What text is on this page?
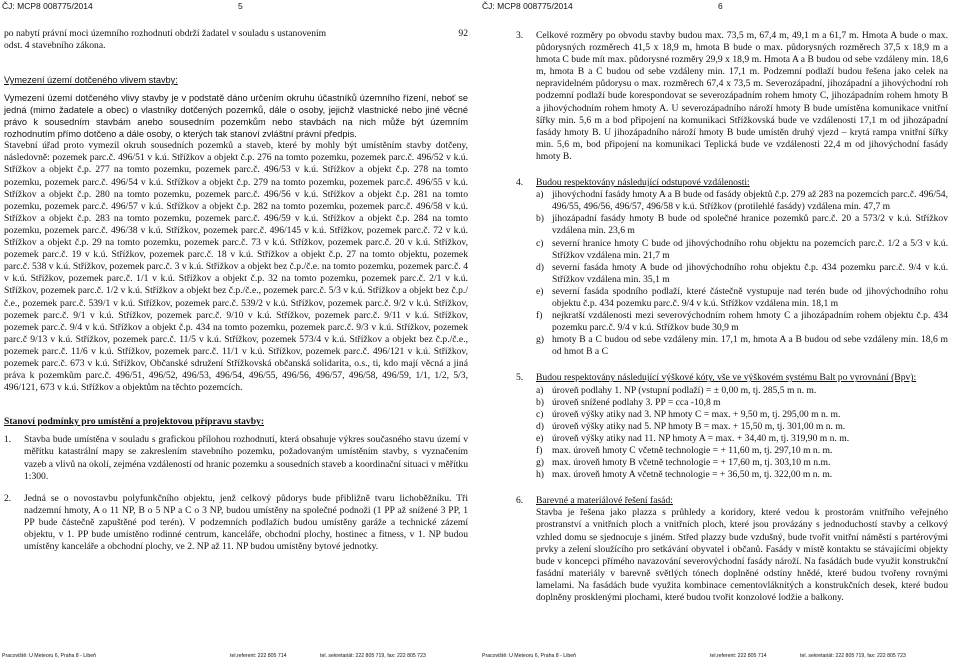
ČJ: MCP8 008775/2014	5

po nabytí právní moci územního rozhodnutí obdrží žadatel v souladu s ustanovením	92

odst. 4 stavebního zákona.

Vymezení území dotčeného vlivem stavby:

Vymezení území dotčeného vlivy stavby je v podstatě dáno určením okruhu účastníků územního řízení, neboť se jedná (mimo žadatele a obec) o vlastníky dotčených pozemků, dále o osoby, jejichž vlastnické nebo jiné věcné právo k sousedním stavbám anebo sousedním pozemkům nebo stavbách na nich může být územním rozhodnutím přímo dotčeno a dále osoby, o kterých tak stanoví zvláštní právní předpis.

Stavební úřad proto vymezil okruh sousedních pozemků a staveb, které by mohly být umístěním stavby dotčeny, následovně: pozemek parc.č. 496/51 v k.ú. Střížkov a objekt č.p. 276 na tomto pozemku, pozemek parc.č. 496/52 v k.ú. Střížkov a objekt č.p. 277 na tomto pozemku, pozemek parc.č. 496/53 v k.ú. Střížkov a objekt č.p. 278 na tomto pozemku, pozemek parc.č. 496/54 v k.ú. Střížkov a objekt č.p. 279 na tomto pozemku, pozemek parc.č. 496/55 v k.ú. Střížkov a objekt č.p. 280 na tomto pozemku, pozemek parc.č. 496/56 v k.ú. Střížkov a objekt č.p. 281 na tomto pozemku, pozemek parc.č. 496/57 v k.ú. Střížkov a objekt č.p. 282 na tomto pozemku, pozemek parc.č. 496/58 v k.ú. Střížkov a objekt č.p. 283 na tomto pozemku, pozemek parc.č. 496/59 v k.ú. Střížkov a objekt č.p. 284 na tomto pozemku, pozemek parc.č. 496/38 v k.ú. Střížkov, pozemek parc.č. 496/145 v k.ú. Střížkov, pozemek parc.č. 72 v k.ú. Střížkov a objekt č.p. 29 na tomto pozemku, pozemek parc.č. 73 v k.ú. Střížkov, pozemek parc.č. 20 v k.ú. Střížkov, pozemek parc.č. 19 v k.ú. Střížkov, pozemek parc.č. 18 v k.ú. Střížkov a objekt č.p. 27 na tomto objektu, pozemek parc.č. 538 v k.ú. Střížkov, pozemek parc.č. 3 v k.ú. Střížkov a objekt bez č.p./č.e. na tomto pozemku, pozemek parc.č. 4 v k.ú. Střížkov, pozemek parc.č. 1/1 v k.ú. Střížkov a objekt č.p. 32 na tomto pozemku, pozemek parc.č. 2/1 v k.ú. Střížkov, pozemek parc.č. 1/2 v k.ú. Střížkov a objekt bez č.p./č.e., pozemek parc.č. 5/3 v k.ú. Střížkov a objekt bez č.p./č.e., pozemek parc.č. 539/1 v k.ú. Střížkov, pozemek parc.č. 539/2 v k.ú. Střížkov, pozemek parc.č. 9/2 v k.ú. Střížkov, pozemek parc.č. 9/1 v k.ú. Střížkov, pozemek parc.č. 9/10 v k.ú. Střížkov, pozemek parc.č. 9/11 v k.ú. Střížkov, pozemek parc.č. 9/4 v k.ú. Střížkov a objekt č.p. 434 na tomto pozemku, pozemek parc.č. 9/3 v k.ú. Střížkov, pozemek parc.č 9/13 v k.ú. Střížkov, pozemek parc.č. 11/5 v k.ú. Střížkov, pozemek 573/4 v k.ú. Střížkov a objekt bez č.p./č.e., pozemek parc.č. 11/6 v k.ú. Střížkov, pozemek parc.č. 11/1 v k.ú. Střížkov, pozemek parc.č. 496/121 v k.ú. Střížkov, pozemek parc.č. 673 v k.ú. Střížkov, Občanské sdružení Střížkovská občanská solidarita, o.s., ti, kdo mají věcná a jiná práva k pozemkům parc.č. 496/51, 496/52, 496/53, 496/54, 496/55, 496/56, 496/57, 496/58, 496/59, 1/1, 1/2, 5/3, 496/121, 673 v k.ú. Střížkov a objektům na těchto pozemcích.

Stanoví podmínky pro umístění a projektovou přípravu stavby:

1. Stavba bude umístěna v souladu s grafickou přílohou rozhodnutí, která obsahuje výkres současného stavu území v měřítku katastrální mapy se zakreslením stavebního pozemku, požadovaným umístěním stavby, s vyznačením vazeb a vlivů na okolí, zejména vzdáleností od hranic pozemku a sousedních staveb a koordinační situaci v měřítku 1:300.

2. Jedná se o novostavbu polyfunkčního objektu, jenž celkový půdorys bude přibližně tvaru lichoběžníku. Tři nadzemní hmoty, A o 11 NP, B o 5 NP a C o 3 NP, budou umístěny na společné podnoži (1 PP až snížené 3 PP, 1 PP bude částečně zapuštěné pod terén). V podzemních podlažích budou umístěny garáže a technické zázemí objektu, v 1. PP bude umístěno rodinné centrum, kanceláře, obchodní plochy, hostinec a fitness, v 1. NP budou umístěny kanceláře a obchodní plochy, ve 2. NP až 11. NP budou umístěny bytové jednotky.

Pracoviště: U Meteoru 6, Praha 8 - Libeň	tel.referent: 222 805 714	tel. sekretariát: 222 805 719, fax: 222 805 723
ČJ: MCP8 008775/2014	6
3. Celkové rozměry po obvodu stavby budou max. 73,5 m, 67,4 m, 49,1 m a 61,7 m. Hmota A bude o max. půdorysných rozměrech 41,5 x 18,9 m, hmota B bude o max. půdorysných rozměrech 37,5 x 18,9 m a hmota C bude mít max. půdorysné rozměry 29,9 x 18,9 m. Hmota A a B budou od sebe vzdáleny min. 18,6 m, hmota B a C budou od sebe vzdáleny min. 17,1 m. Podzemní podlaží budou řešena jako celek na nepravidelném půdorysu o max. rozměrech 67,4 x 73,5 m. Severozápadní, jihozápadní a jihovýchodní roh podzemní podlaží bude korespondovat se severozápadním rohem hmoty C, jihozápadním rohem hmoty B a jihovýchodním rohem hmoty A. U severozápadního nároží hmoty B bude umístěna komunikace vnitřní šířky min. 5,6 m a bod připojení na komunikaci Střížkovská bude ve vzdálenosti 17,1 m od jihozápadní fasády hmoty B. U jihozápadního nároží hmoty B bude umístěn druhý vjezd – krytá rampa vnitřní šířky min. 5,6 m, bod připojení na komunikaci Teplická bude ve vzdálenosti 22,4 m od jihovýchodní fasády hmoty B.

4. Budou respektovány následující odstupové vzdálenosti:

a) jihovýchodní fasády hmoty A a B bude od fasády objektů č.p. 279 až 283 na pozemcích parc.č. 496/54, 496/55, 496/56, 496/57, 496/58 v k.ú. Střížkov (protilehlé fasády) vzdálena min. 47,7 m

b) jihozápadní fasády hmoty B bude od společné hranice pozemků parc.č. 20 a 573/2 v k.ú. Střížkov vzdálena min. 23,6 m

c) severní hranice hmoty C bude od jihovýchodního rohu objektu na pozemcích parc.č. 1/2 a 5/3 v k.ú. Střížkov vzdálena min. 21,7 m

d) severní fasáda hmoty A bude od jihovýchodního rohu objektu č.p. 434 pozemku parc.č. 9/4 v k.ú. Střížkov vzdálena min. 35,1 m

e) severní fasáda spodního podlaží, které částečně vystupuje nad terén bude od jihovýchodního rohu objektu č.p. 434 pozemku parc.č. 9/4 v k.ú. Střížkov vzdálena min. 18,1 m

f) nejkratší vzdálenosti mezi severovýchodním rohem hmoty C a jihozápadním rohem objektu č.p. 434 pozemku parc.č. 9/4 v k.ú. Střížkov bude 30,9 m

g) hmoty B a C budou od sebe vzdáleny min. 17,1 m, hmota A a B budou od sebe vzdáleny min. 18,6 m od hmot B a C

5. Budou respektovány následující výškové kóty, vše ve výškovém systému Balt po vyrovnání (Bpv):

a) úroveň podlahy 1. NP (vstupní podlaží) = ± 0,00 m, tj. 285,5 m n. m.

b) úroveň snížené podlahy 3. PP = cca -10,8 m

c) úroveň výšky atiky nad 3. NP hmoty C = max. + 9,50 m, tj. 295,00 m n. m.

d) úroveň výšky atiky nad 5. NP hmoty B = max. + 15,50 m, tj. 301,00 m n. m.

e) úroveň výšky atiky nad 11. NP hmoty A = max. + 34,40 m, tj. 319,90 m n. m.

f) max. úroveň hmoty C včetně technologie = + 11,60 m, tj. 297,10 m n. m.

g) max. úroveň hmoty B včetně technologie = + 17,60 m, tj. 303,10 m n.m.

h) max. úroveň hmoty A včetně technologie = + 36,50 m, tj. 322,00 m n. m.

6. Barevné a materiálové řešení fasád:

Stavba je řešena jako plazza s průhledy a koridory, které vedou k prostorám vnitřního veřejného prostranství a vnitřních ploch a vnitřních ploch, které jsou provázány s jednoduchostí stavby a celkový vzhled domu se sjednocuje s jiném. Střed plazzy bude vzdušný, bude tvořit vnitřní náměstí s partérovými prvky a zelení sloužícího pro setkávání obyvatel i občanů. Fasády v místě kontaktu se stávajícími objekty bude v koncepci přímého navazování severovýchodní fasády nároží. Na fasádách bude využit konstrukční fasádní materiály v barevně světlých tónech doplněné odstíny hnědé, které budou tvořeny rovnými lamelami. Na fasádách bude využita kombinace cementovláknitých a konstrukčních desek, které budou doplněny prosklenými plochami, které budou tvořit konzolové lodžie a balkony.

Pracoviště: U Meteoru 6, Praha 8 - Libeň	tel.referent: 222 805 714	tel. sekretariát: 222 805 719, fax: 222 805 723
